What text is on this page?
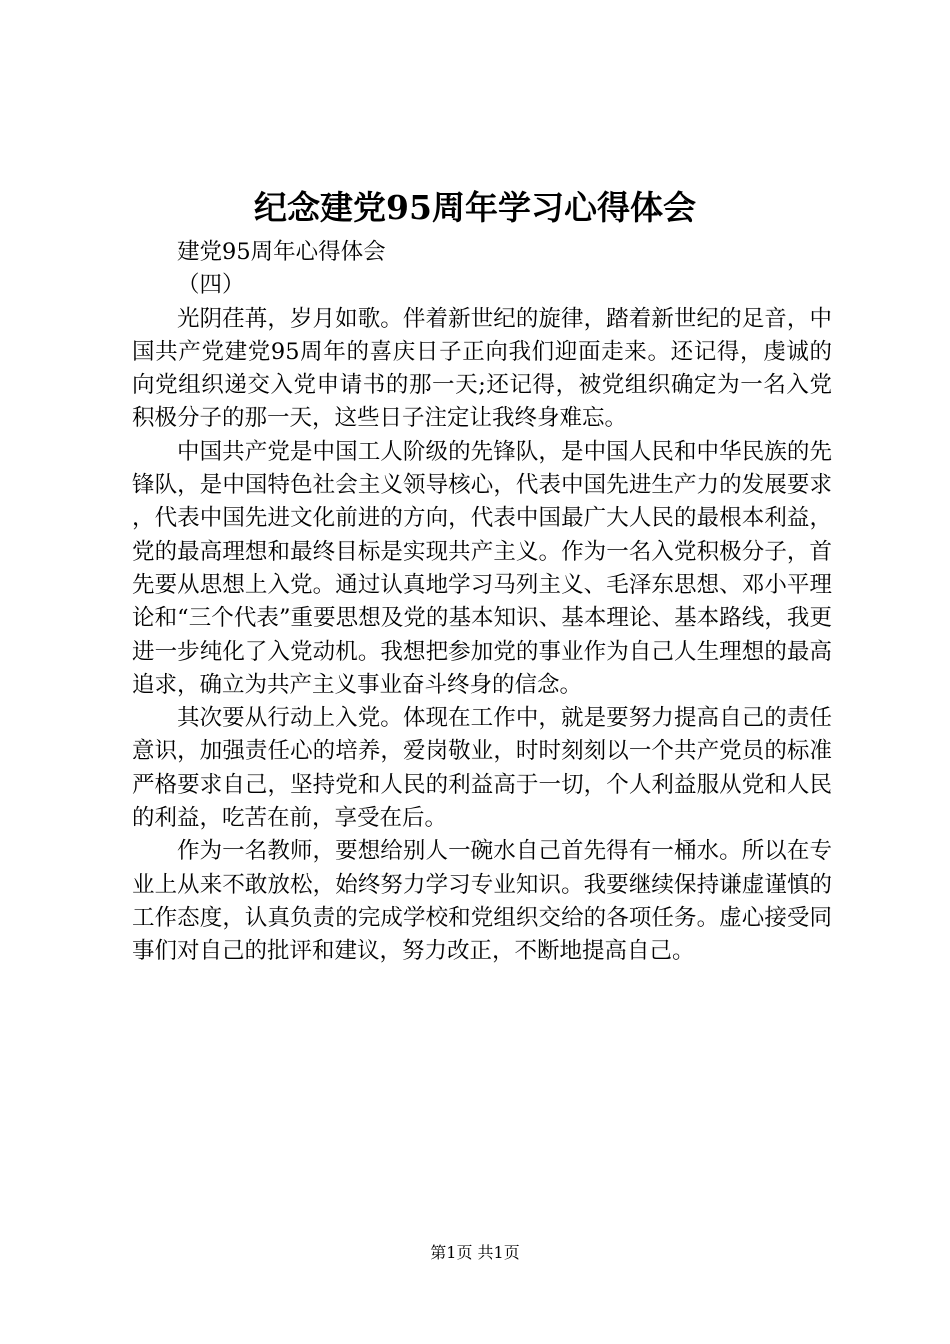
纪念建党95周年学习心得体会

建党95周年心得体会

（四）

光阴荏苒，岁月如歌。伴着新世纪的旋律，踏着新世纪的足音，中国共产党建党95周年的喜庆日子正向我们迎面走来。还记得，虔诚的向党组织递交入党申请书的那一天;还记得，被党组织确定为一名入党积极分子的那一天，这些日子注定让我终身难忘。

中国共产党是中国工人阶级的先锋队，是中国人民和中华民族的先锋队，是中国特色社会主义领导核心，代表中国先进生产力的发展要求，代表中国先进文化前进的方向，代表中国最广大人民的最根本利益，党的最高理想和最终目标是实现共产主义。作为一名入党积极分子，首先要从思想上入党。通过认真地学习马列主义、毛泽东思想、邓小平理论和“三个代表”重要思想及党的基本知识、基本理论、基本路线，我更进一步纯化了入党动机。我想把参加党的事业作为自己人生理想的最高追求，确立为共产主义事业奋斗终身的信念。

其次要从行动上入党。体现在工作中，就是要努力提高自己的责任意识，加强责任心的培养，爱岗敬业，时时刻刻以一个共产党员的标准严格要求自己，坚持党和人民的利益高于一切，个人利益服从党和人民的利益，吃苦在前，享受在后。

作为一名教师，要想给别人一碗水自己首先得有一桶水。所以在专业上从来不敢放松，始终努力学习专业知识。我要继续保持谦虚谨慎的工作态度，认真负责的完成学校和党组织交给的各项任务。虚心接受同事们对自己的批评和建议，努力改正，不断地提高自己。

第1页 共1页
